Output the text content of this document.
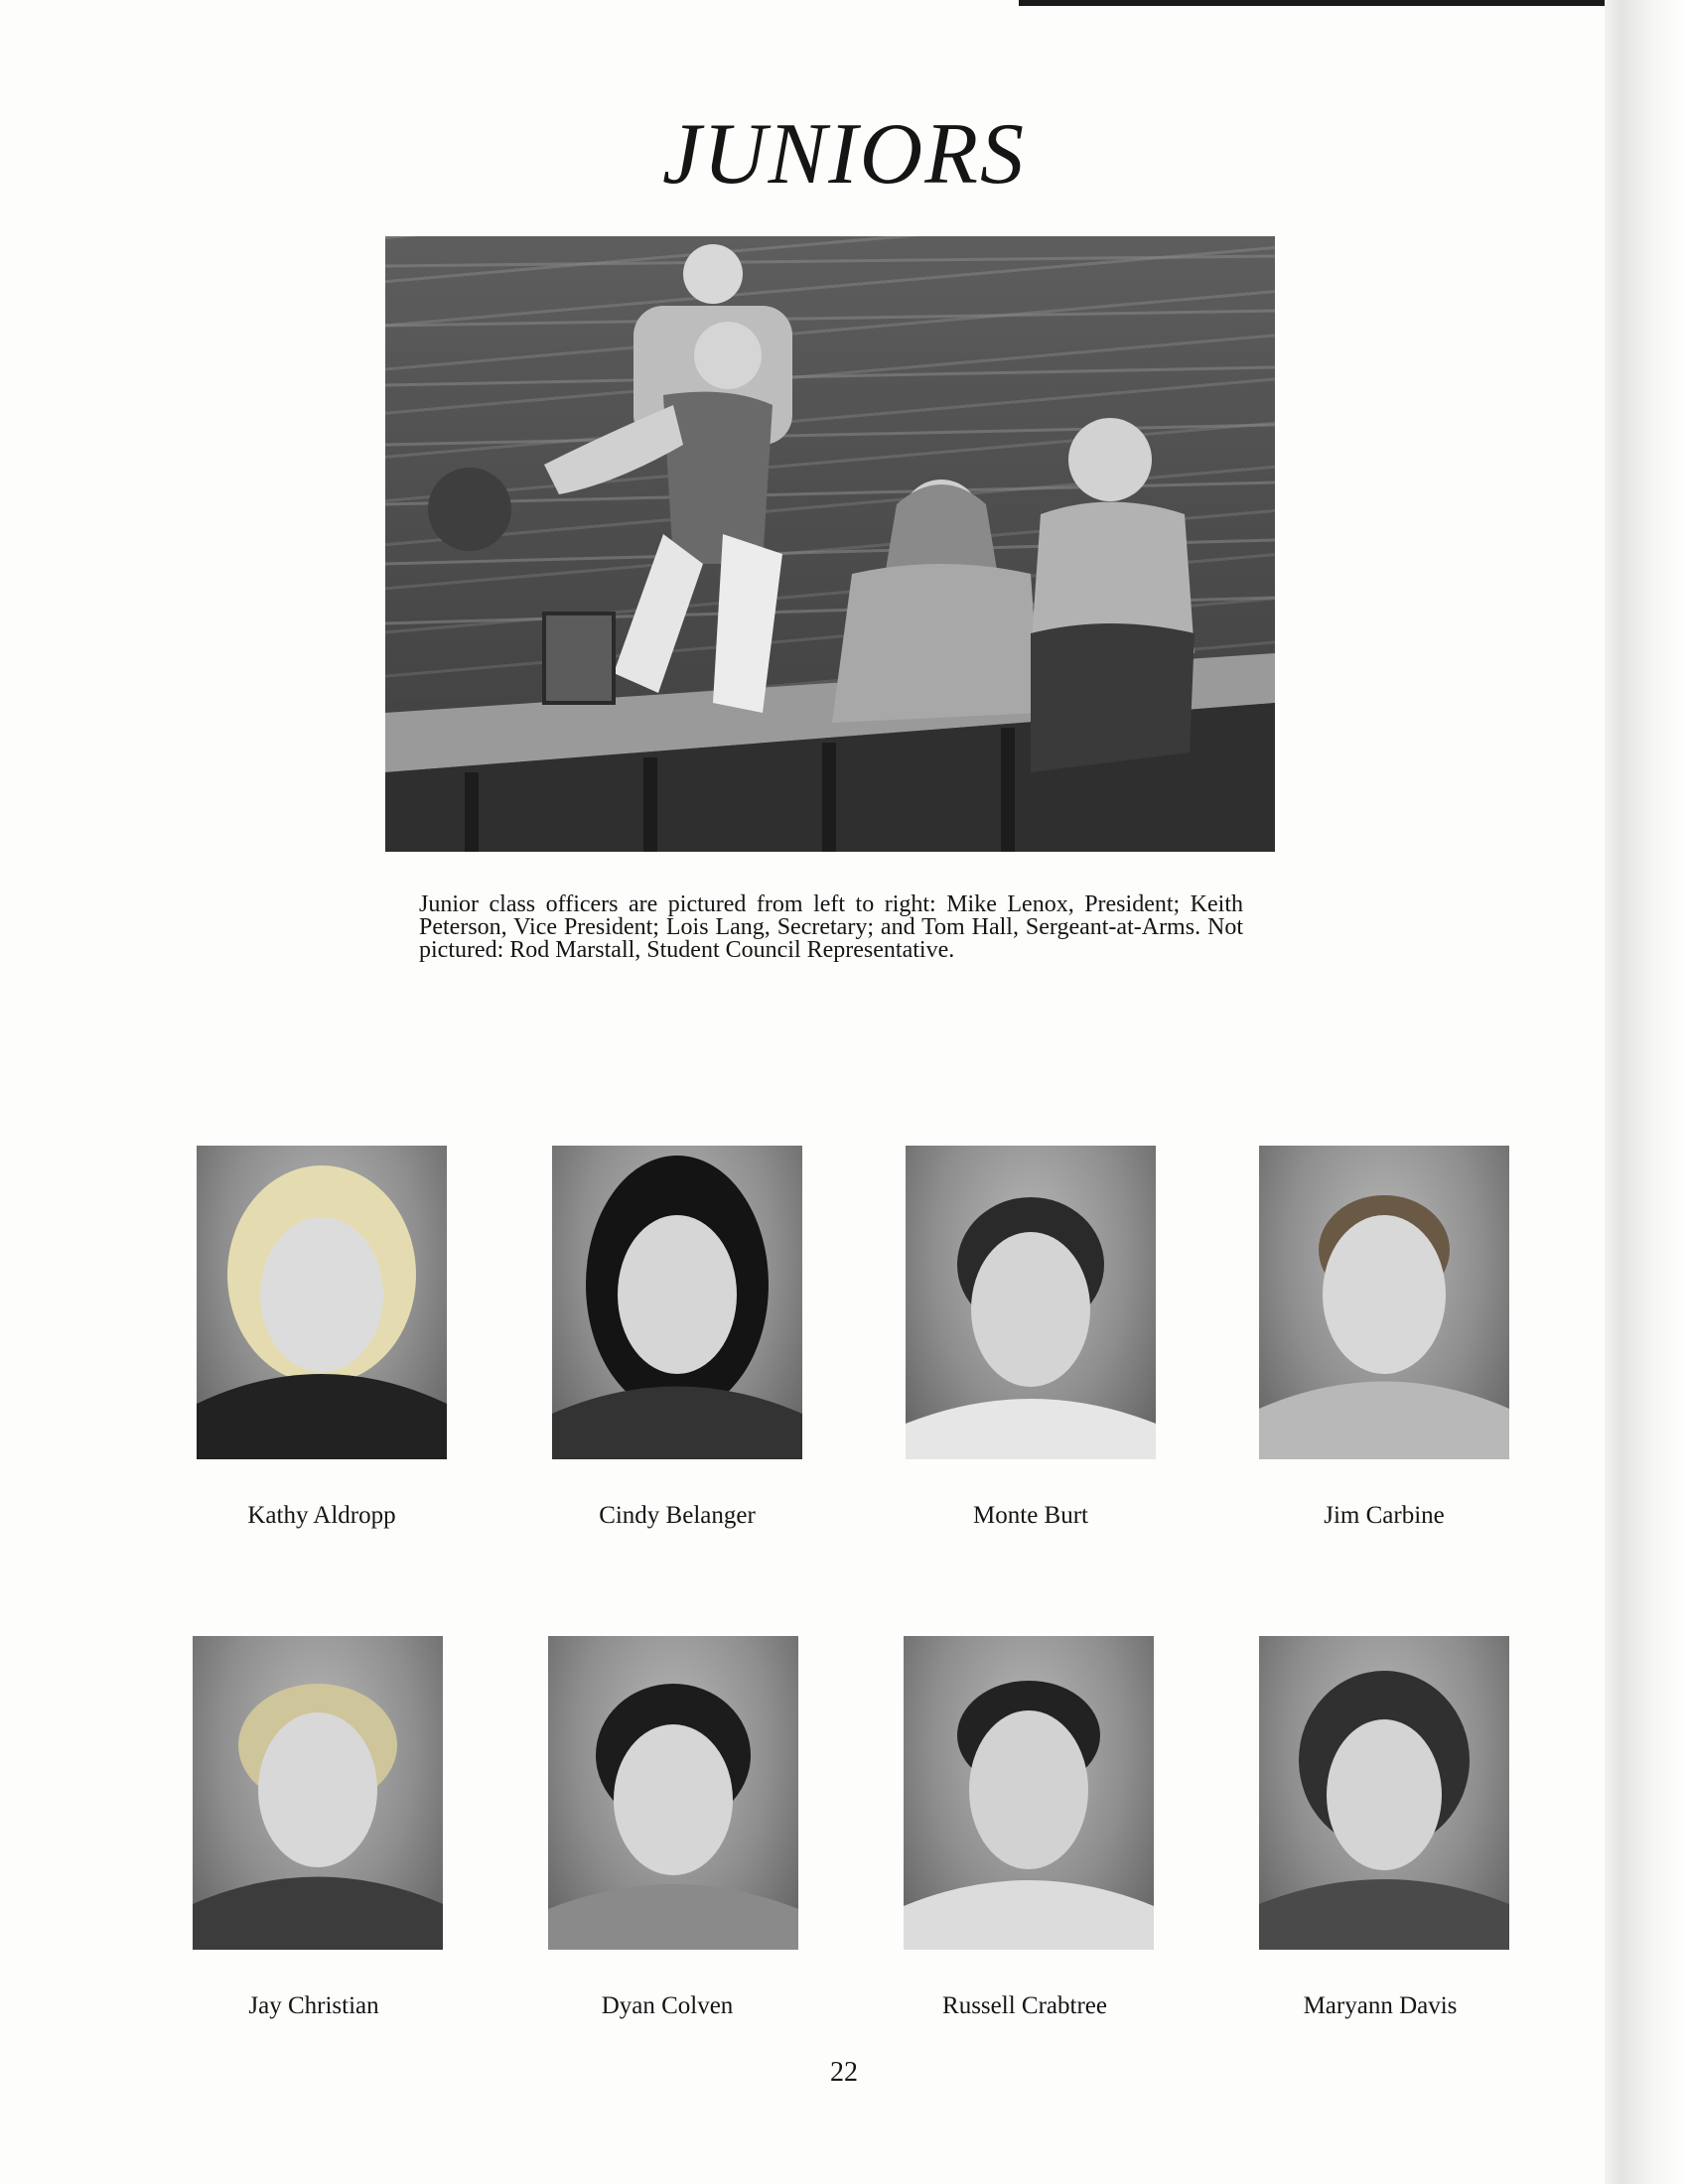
JUNIORS
Junior class officers are pictured from left to right: Mike Lenox, President; Keith Peterson, Vice President; Lois Lang, Secretary; and Tom Hall, Sergeant-at-Arms. Not pictured: Rod Marstall, Student Council Representative.
Kathy Aldropp	Cindy Belanger	Monte Burt	Jim Carbine
Jay Christian	Dyan Colven	Russell Crabtree	Maryann Davis
22
